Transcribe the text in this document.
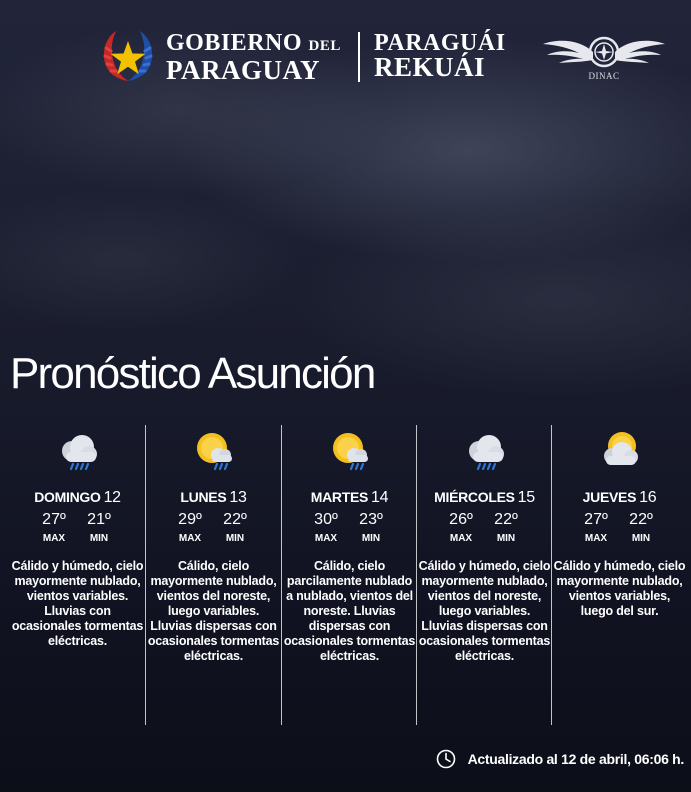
GOBIERNO DEL
PARAGUAY
PARAGUÁI
REKUÁI	DINAC
Pronóstico Asunción
DOMINGO 12
27º
MAX
21º
MIN
Cálido y húmedo, cielo mayormente nublado, vientos variables. Lluvias con ocasionales tormentas eléctricas.
LUNES 13
29º
MAX
22º
MIN
Cálido, cielo mayormente nublado, vientos del noreste, luego variables. Lluvias dispersas con ocasionales tormentas eléctricas.
MARTES 14
30º
MAX
23º
MIN
Cálido, cielo parcilamente nublado a nublado, vientos del noreste. Lluvias dispersas con ocasionales tormentas eléctricas.
MIÉRCOLES 15
26º
MAX
22º
MIN
Cálido y húmedo, cielo mayormente nublado, vientos del noreste, luego variables. Lluvias dispersas con ocasionales tormentas eléctricas.
JUEVES 16
27º
MAX
22º
MIN
Cálido y húmedo, cielo mayormente nublado, vientos variables, luego del sur.
Actualizado al 12 de abril, 06:06 h.
